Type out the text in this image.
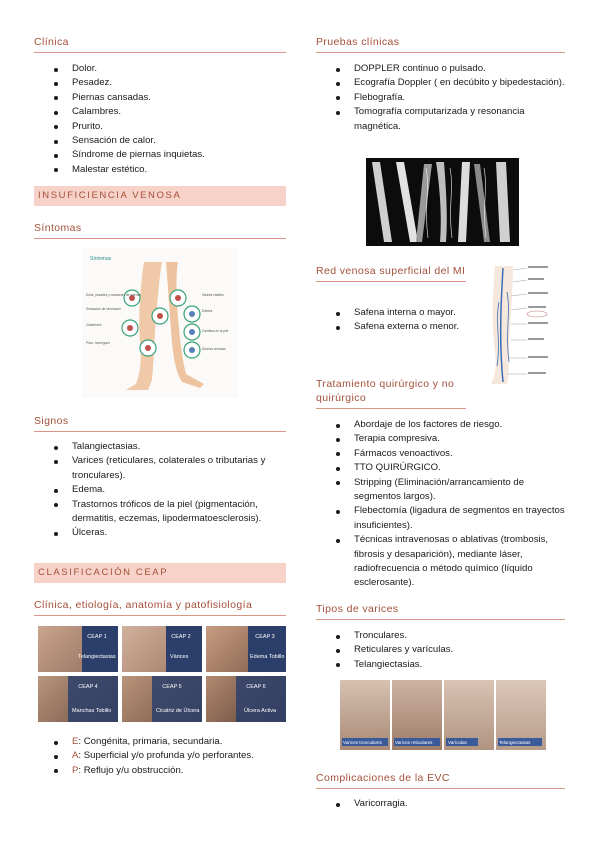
Clínica
Dolor.
Pesadez.
Piernas cansadas.
Calambres.
Prurito.
Sensación de calor.
Síndrome de piernas inquietas.
Malestar estético.
INSUFICIENCIA VENOSA
Síntomas
Síntomas
Dolor, pesadez y cansancio de piernas
Sensación de hinchazón
Calambres
Picor, hormigueo
Varices visibles
Edema
Cambios en la piel
Úlceras venosas
Signos
Talangiectasias.
Varices (reticulares, colaterales o tributarias y tronculares).
Edema.
Trastornos tróficos de la piel (pigmentación, dermatitis, eczemas, lipodermatoesclerosis).
Úlceras.
CLASIFICACIÓN CEAP
Clínica, etiología, anatomía y patofisiología
CEAP 1
Telangiectasias
CEAP 2
Várices
CEAP 3
Edema Tobillo
CEAP 4
Manchas Tobillo
CEAP 5
Cicatriz de Úlcera
CEAP 6
Úlcera Activa
E: Congénita, primaria, secundaria.
A: Superficial y/o profunda y/o perforantes.
P: Reflujo y/u obstrucción.
Pruebas clínicas
DOPPLER continuo o pulsado.
Ecografía Doppler ( en decúbito y bipedestación).
Flebografía.
Tomografía computarizada y resonancia magnética.
Red venosa superficial del MI
Safena interna o mayor.
Safena externa o menor.
Tratamiento quirúrgico y no quirúrgico
Abordaje de los factores de riesgo.
Terapia compresiva.
Fármacos venoactivos.
TTO QUIRÚRGICO.
Stripping (Eliminación/arrancamiento de segmentos largos).
Flebectomía (ligadura de segmentos en trayectos insuficientes).
Técnicas intravenosas o ablativas (trombosis, fibrosis y desaparición), mediante láser, radiofrecuencia o método químico (líquido esclerosante).
Tipos de varices
Tronculares.
Reticulares y varículas.
Telangiectasias.
Varices tronculares	Varices reticulares	Varículas	Telangiectasias
Complicaciones de la EVC
Varicorragia.
